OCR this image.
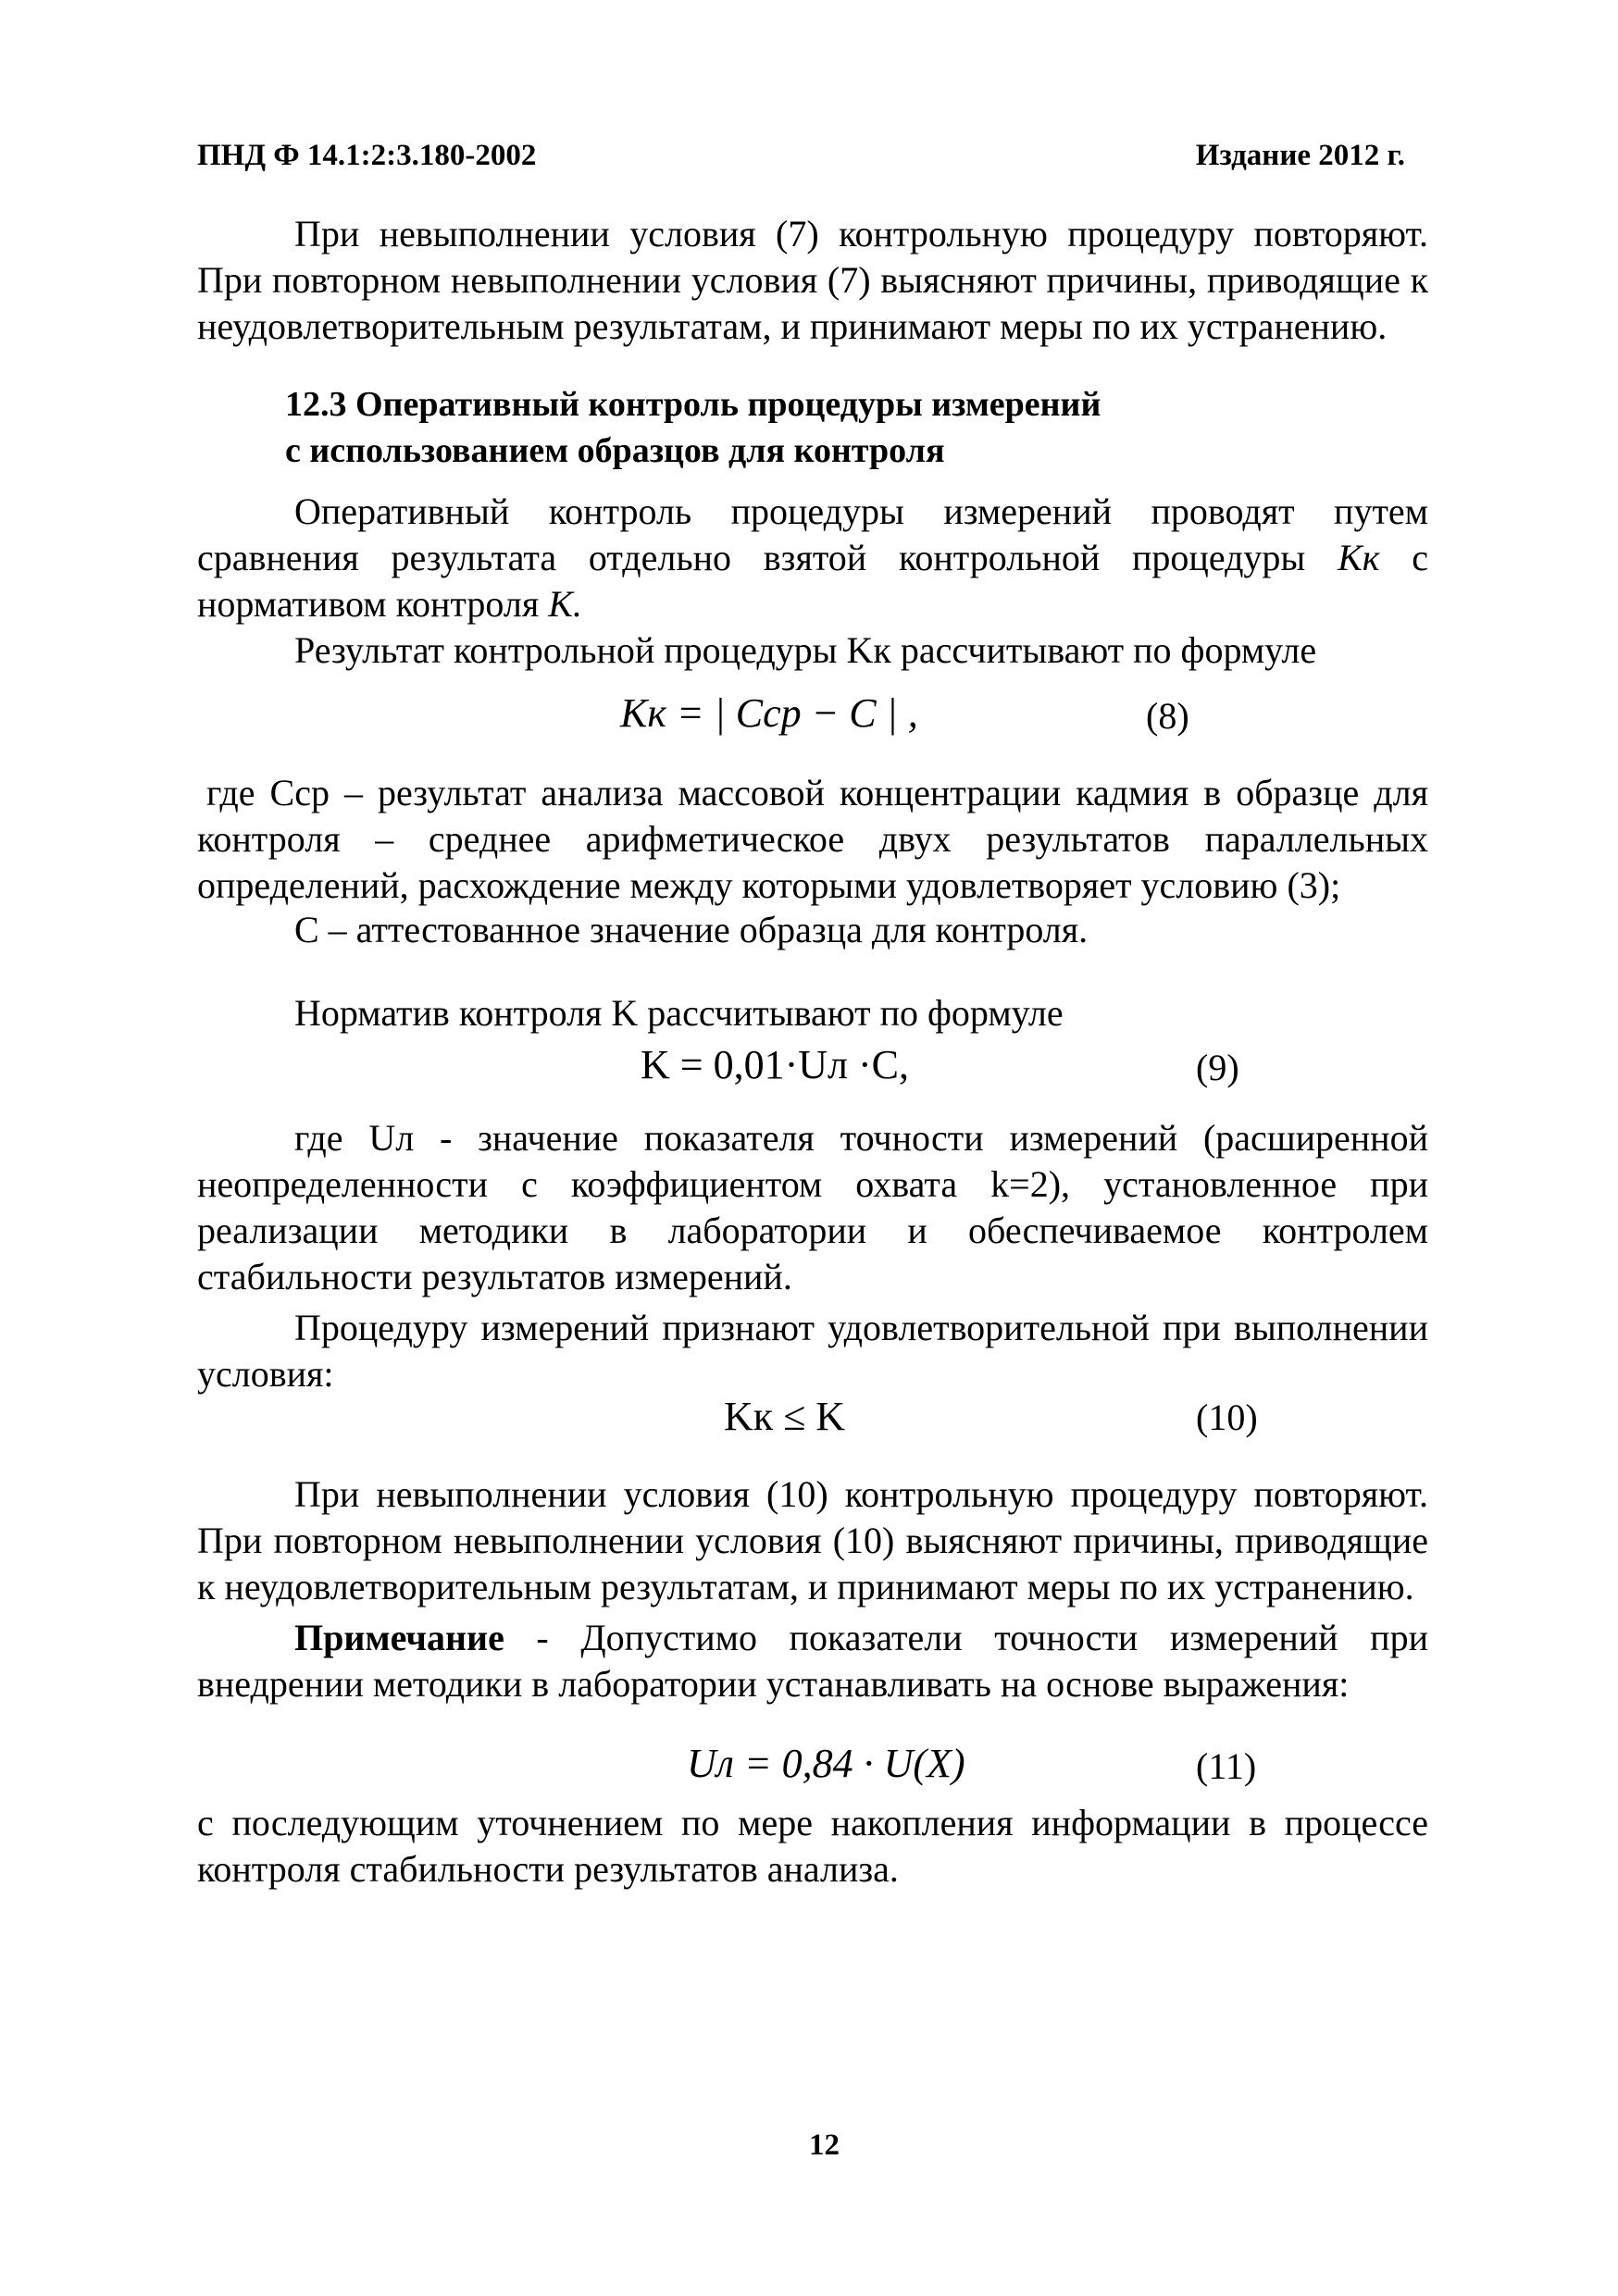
ПНД Ф 14.1:2:3.180-2002	Издание 2012 г.

При невыполнении условия (7) контрольную процедуру повторяют. При повторном невыполнении условия (7) выясняют причины, приводящие к неудовлетворительным результатам, и принимают меры по их устранению.

12.3 Оперативный контроль процедуры измерений
с использованием образцов для контроля

Оперативный контроль процедуры измерений проводят путем сравнения результата отдельно взятой контрольной процедуры Kк с нормативом контроля K.

Результат контрольной процедуры Kк рассчитывают по формуле

Kк = | Cср − C | ,	(8)

где Cср – результат анализа массовой концентрации кадмия в образце для контроля – среднее арифметическое двух результатов параллельных определений, расхождение между которыми удовлетворяет условию (3);

C – аттестованное значение образца для контроля.

Норматив контроля K рассчитывают по формуле

K = 0,01·Uл ·C,	(9)

где Uл - значение показателя точности измерений (расширенной неопределенности с коэффициентом охвата k=2), установленное при реализации методики в лаборатории и обеспечиваемое контролем стабильности результатов измерений.

Процедуру измерений признают удовлетворительной при выполнении условия:

Kк ≤ K	(10)

При невыполнении условия (10) контрольную процедуру повторяют. При повторном невыполнении условия (10) выясняют причины, приводящие к неудовлетворительным результатам, и принимают меры по их устранению.

Примечание - Допустимо показатели точности измерений при внедрении методики в лаборатории устанавливать на основе выражения:

Uл = 0,84 · U(X)	(11)

с последующим уточнением по мере накопления информации в процессе контроля стабильности результатов анализа.

12
